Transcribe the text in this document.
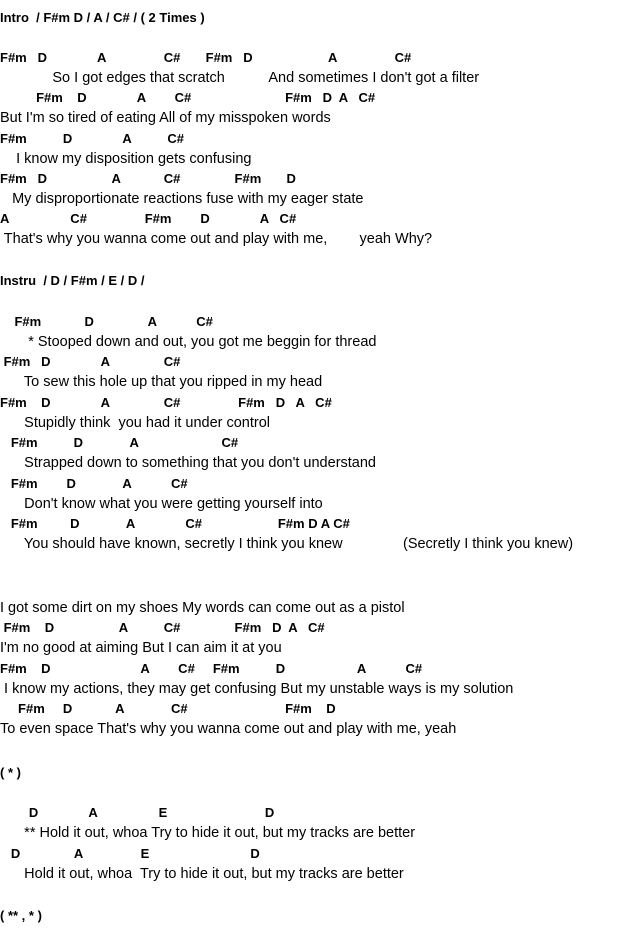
Intro  / F#m D / A / C# / ( 2 Times )
F#m   D              A                C#       F#m   D                     A                C#
So I got edges that scratch           And sometimes I don't got a filter
F#m    D              A        C#                          F#m   D  A   C#
But I'm so tired of eating All of my misspoken words
F#m          D              A          C#
I know my disposition gets confusing
F#m   D                  A            C#               F#m       D
My disproportionate reactions fuse with my eager state
A                 C#                F#m        D              A   C#
That's why you wanna come out and play with me,        yeah Why?
Instru  / D / F#m / E / D /
F#m            D               A           C#
* Stooped down and out, you got me beggin for thread
F#m   D              A               C#
To sew this hole up that you ripped in my head
F#m    D              A               C#                F#m   D   A   C#
Stupidly think  you had it under control
F#m          D             A                       C#
Strapped down to something that you don't understand
F#m        D             A           C#
Don't know what you were getting yourself into
F#m         D             A              C#                     F#m D A C#
You should have known, secretly I think you knew               (Secretly I think you knew)
I got some dirt on my shoes My words can come out as a pistol
F#m    D                  A          C#               F#m   D  A   C#
I'm no good at aiming But I can aim it at you
F#m    D                         A        C#     F#m          D                    A           C#
I know my actions, they may get confusing But my unstable ways is my solution
F#m     D            A             C#                           F#m    D
To even space That's why you wanna come out and play with me, yeah
( * )
D              A                 E                           D
** Hold it out, whoa Try to hide it out, but my tracks are better
D               A                E                            D
Hold it out, whoa  Try to hide it out, but my tracks are better
( ** , * )
